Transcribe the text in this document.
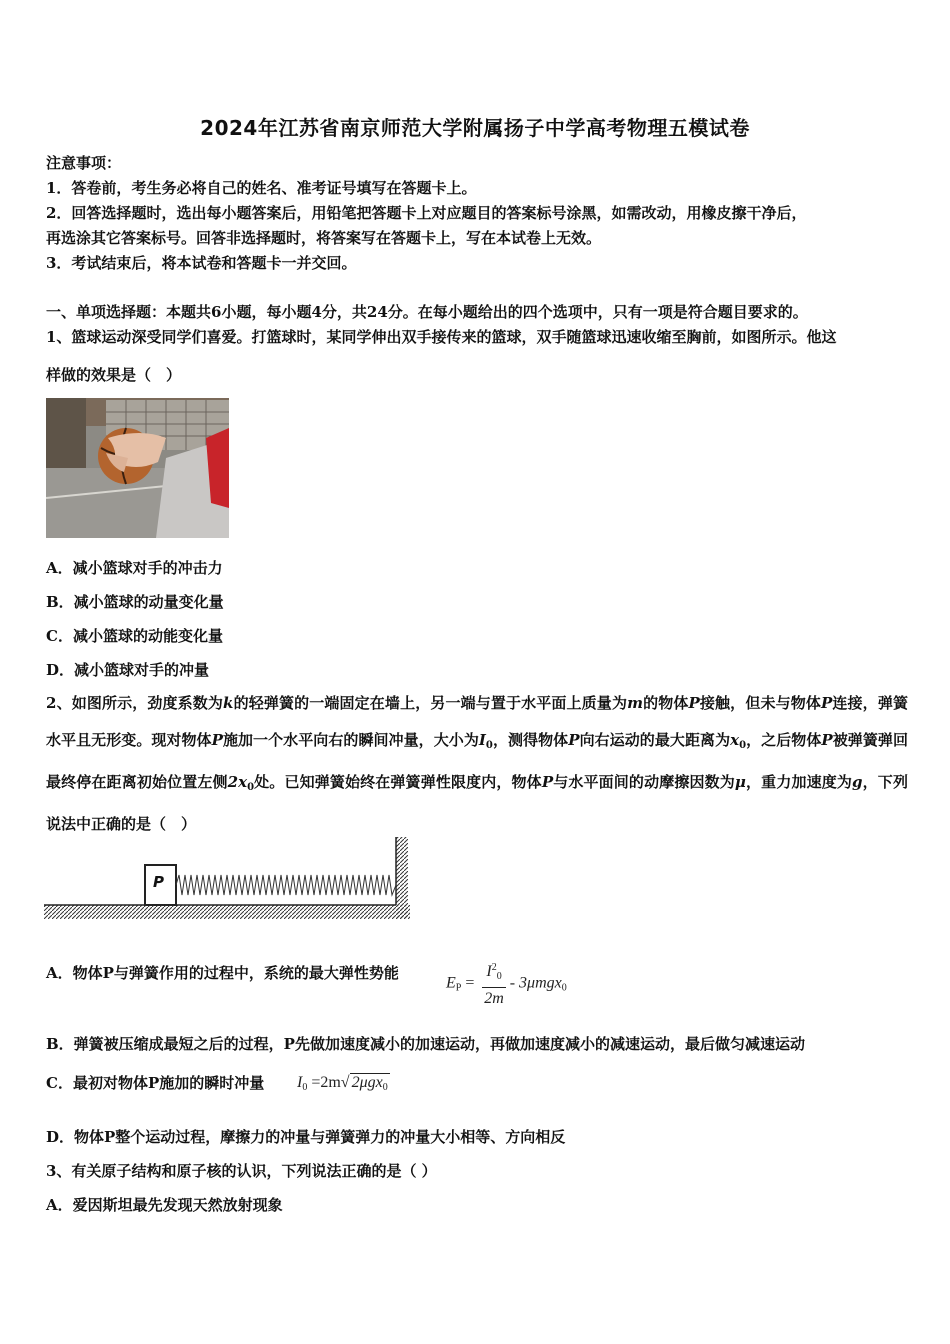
2024年江苏省南京师范大学附属扬子中学高考物理五模试卷
注意事项：
1．答卷前，考生务必将自己的姓名、准考证号填写在答题卡上。
2．回答选择题时，选出每小题答案后，用铅笔把答题卡上对应题目的答案标号涂黑，如需改动，用橡皮擦干净后，
再选涂其它答案标号。回答非选择题时，将答案写在答题卡上，写在本试卷上无效。
3．考试结束后，将本试卷和答题卡一并交回。
一、单项选择题：本题共6小题，每小题4分，共24分。在每小题给出的四个选项中，只有一项是符合题目要求的。
1、篮球运动深受同学们喜爱。打篮球时，某同学伸出双手接传来的篮球，双手随篮球迅速收缩至胸前，如图所示。他这
样做的效果是（　）
A．减小篮球对手的冲击力
B．减小篮球的动量变化量
C．减小篮球的动能变化量
D．减小篮球对手的冲量
2、如图所示，劲度系数为k的轻弹簧的一端固定在墙上，另一端与置于水平面上质量为m的物体P接触，但未与物体P连接，弹簧水平且无形变。现对物体P施加一个水平向右的瞬间冲量，大小为$I_0$，测得物体P向右运动的最大距离为$x_0$，之后物体P被弹簧弹回最终停在距离初始位置左侧$2x_0$处。已知弹簧始终在弹簧弹性限度内，物体P与水平面间的动摩擦因数为μ，重力加速度为g，下列说法中正确的是（　）
P
A．物体P与弹簧作用的过程中，系统的最大弹性势能
$E_P = \frac{I^2_0}{2m} - 3\mu mgx_0$
B．弹簧被压缩成最短之后的过程，P先做加速度减小的加速运动，再做加速度减小的减速运动，最后做匀减速运动
C．最初对物体P施加的瞬时冲量 $I_0 =2m√$ 2μgx$_0$
D．物体P整个运动过程，摩擦力的冲量与弹簧弹力的冲量大小相等、方向相反
3、有关原子结构和原子核的认识，下列说法正确的是（ ）
A．爱因斯坦最先发现天然放射现象
